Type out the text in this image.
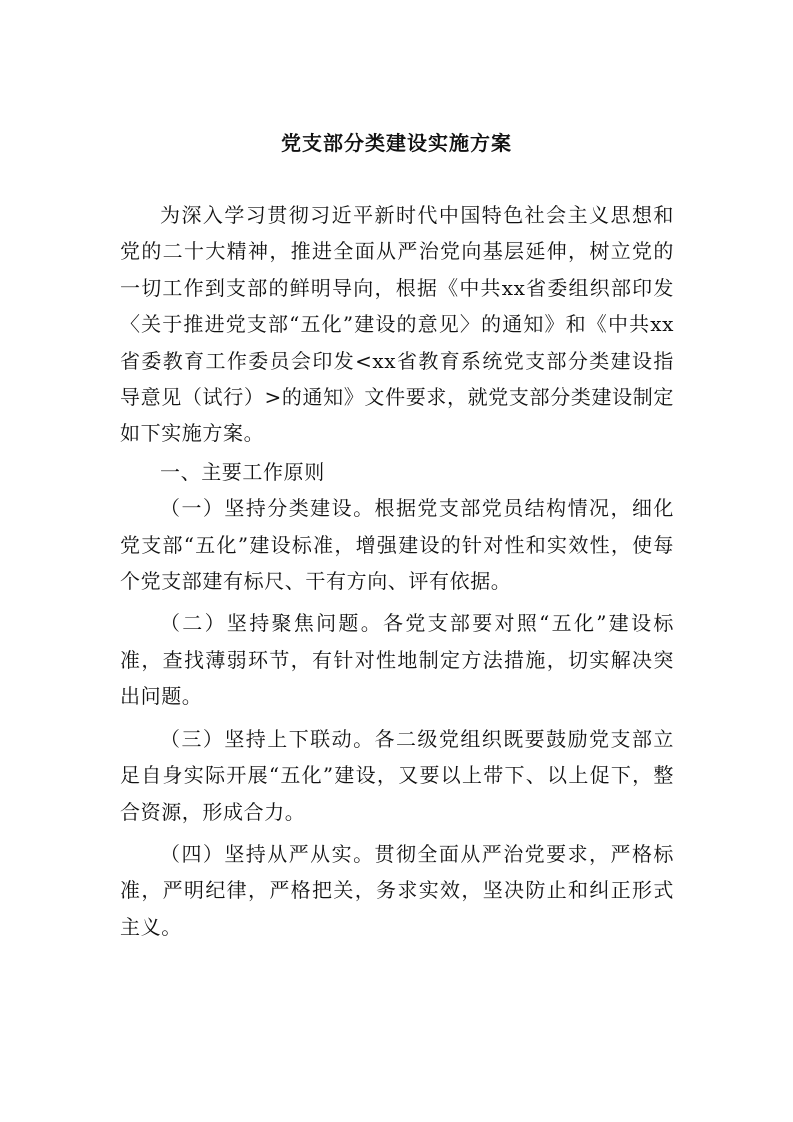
党支部分类建设实施方案

为深入学习贯彻习近平新时代中国特色社会主义思想和党的二十大精神，推进全面从严治党向基层延伸，树立党的一切工作到支部的鲜明导向，根据《中共xx省委组织部印发〈关于推进党支部“五化”建设的意见〉的通知》和《中共xx省委教育工作委员会印发<xx省教育系统党支部分类建设指导意见（试行）>的通知》文件要求，就党支部分类建设制定如下实施方案。

一、主要工作原则

（一）坚持分类建设。根据党支部党员结构情况，细化党支部“五化”建设标准，增强建设的针对性和实效性，使每个党支部建有标尺、干有方向、评有依据。

（二）坚持聚焦问题。各党支部要对照“五化”建设标准，查找薄弱环节，有针对性地制定方法措施，切实解决突出问题。

（三）坚持上下联动。各二级党组织既要鼓励党支部立足自身实际开展“五化”建设，又要以上带下、以上促下，整合资源，形成合力。

（四）坚持从严从实。贯彻全面从严治党要求，严格标准，严明纪律，严格把关，务求实效，坚决防止和纠正形式主义。
